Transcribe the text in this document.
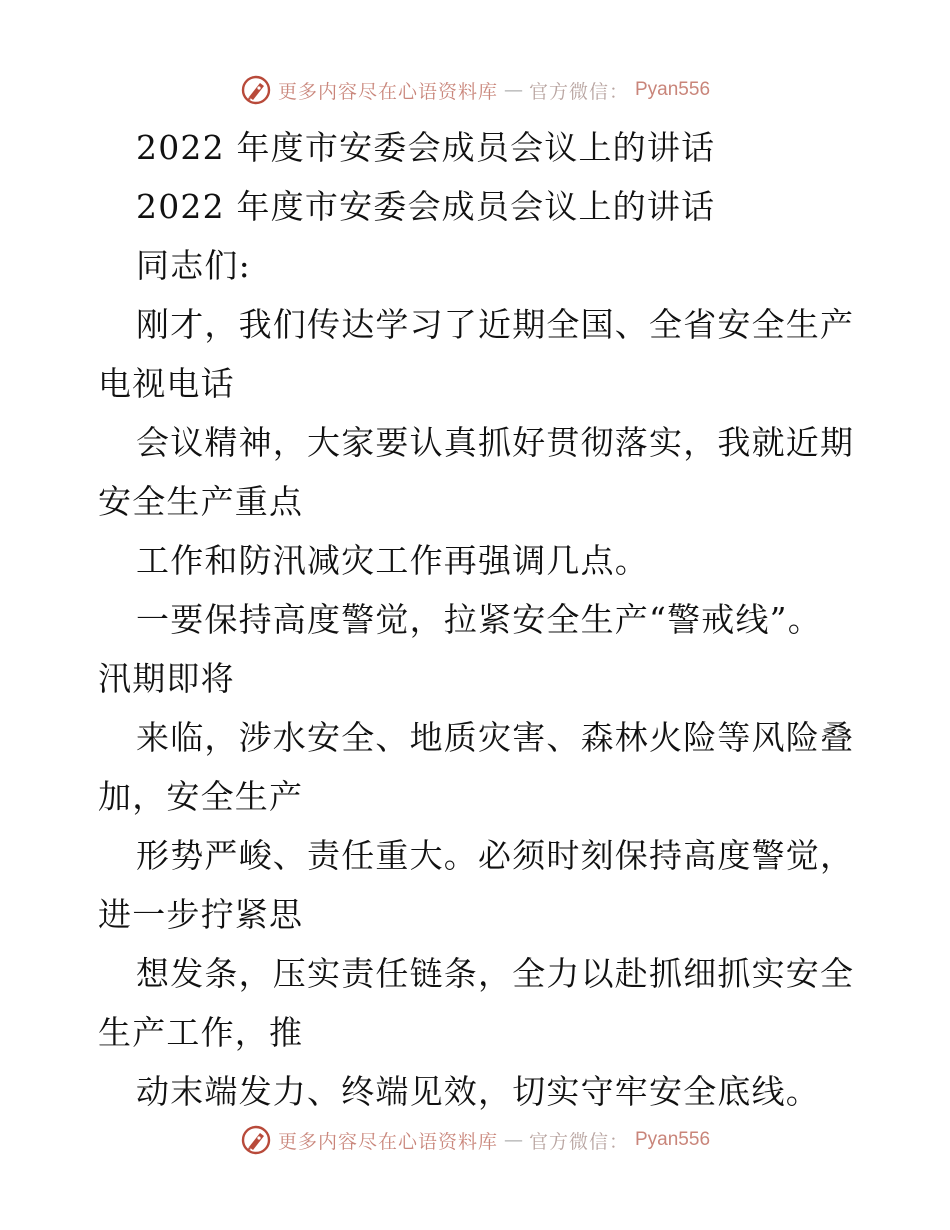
更多内容尽在心语资料库 — 官方微信： Pyan556
2022 年度市安委会成员会议上的讲话
2022 年度市安委会成员会议上的讲话
同志们:
刚才，我们传达学习了近期全国、全省安全生产
电视电话
会议精神，大家要认真抓好贯彻落实，我就近期
安全生产重点
工作和防汛减灾工作再强调几点。
一要保持高度警觉，拉紧安全生产“警戒线”。
汛期即将
来临，涉水安全、地质灾害、森林火险等风险叠
加，安全生产
形势严峻、责任重大。必须时刻保持高度警觉，
进一步拧紧思
想发条，压实责任链条，全力以赴抓细抓实安全
生产工作，推
动末端发力、终端见效，切实守牢安全底线。
更多内容尽在心语资料库 — 官方微信： Pyan556
